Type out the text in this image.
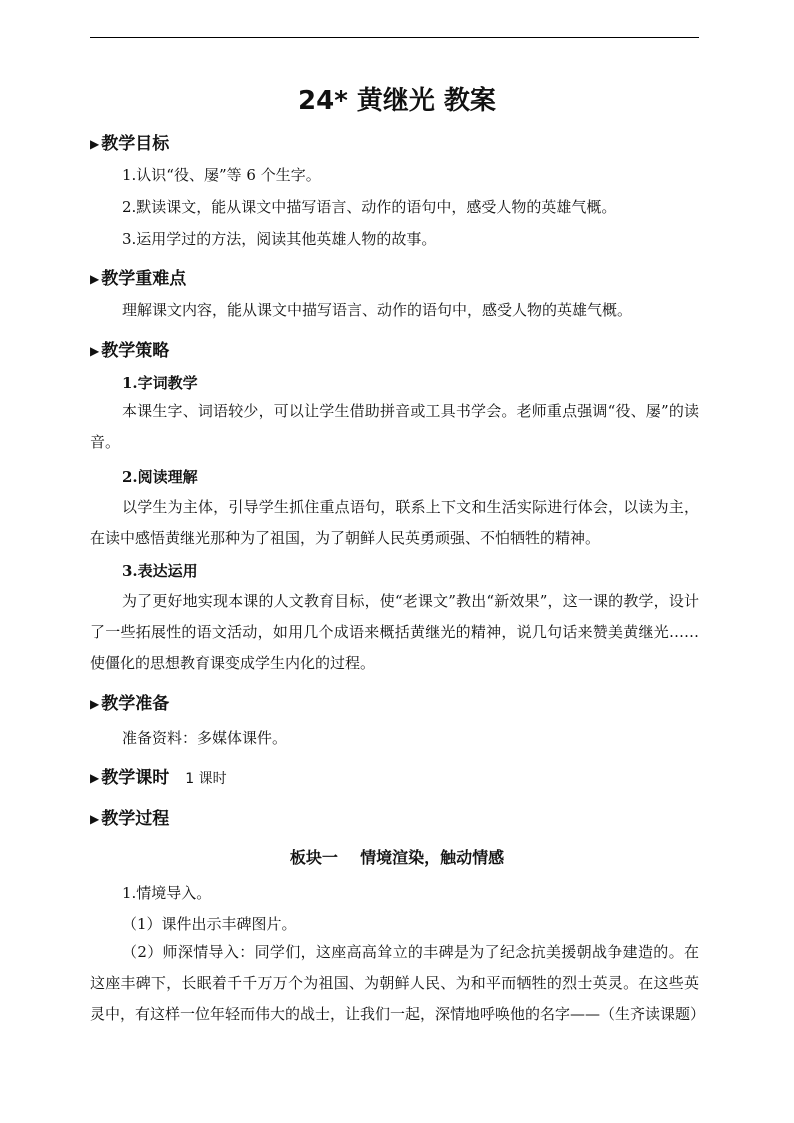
24* 黄继光 教案
▶ 教学目标
1.认识“役、屡”等 6 个生字。
2.默读课文，能从课文中描写语言、动作的语句中，感受人物的英雄气概。
3.运用学过的方法，阅读其他英雄人物的故事。
▶ 教学重难点
理解课文内容，能从课文中描写语言、动作的语句中，感受人物的英雄气概。
▶ 教学策略
1.字词教学

本课生字、词语较少，可以让学生借助拼音或工具书学会。老师重点强调“役、屡”的读音。

2.阅读理解

以学生为主体，引导学生抓住重点语句，联系上下文和生活实际进行体会，以读为主，在读中感悟黄继光那种为了祖国，为了朝鲜人民英勇顽强、不怕牺牲的精神。

3.表达运用

为了更好地实现本课的人文教育目标，使“老课文”教出“新效果”，这一课的教学，设计了一些拓展性的语文活动，如用几个成语来概括黄继光的精神，说几句话来赞美黄继光……使僵化的思想教育课变成学生内化的过程。

▶ 教学准备
准备资料：多媒体课件。
▶ 教学课时 1 课时
▶ 教学过程
板块一    情境渲染，触动情感
1.情境导入。
（1）课件出示丰碑图片。

（2）师深情导入：同学们，这座高高耸立的丰碑是为了纪念抗美援朝战争建造的。在这座丰碑下，长眠着千千万万个为祖国、为朝鲜人民、为和平而牺牲的烈士英灵。在这些英灵中，有这样一位年轻而伟大的战士，让我们一起，深情地呼唤他的名字——（生齐读课题）
